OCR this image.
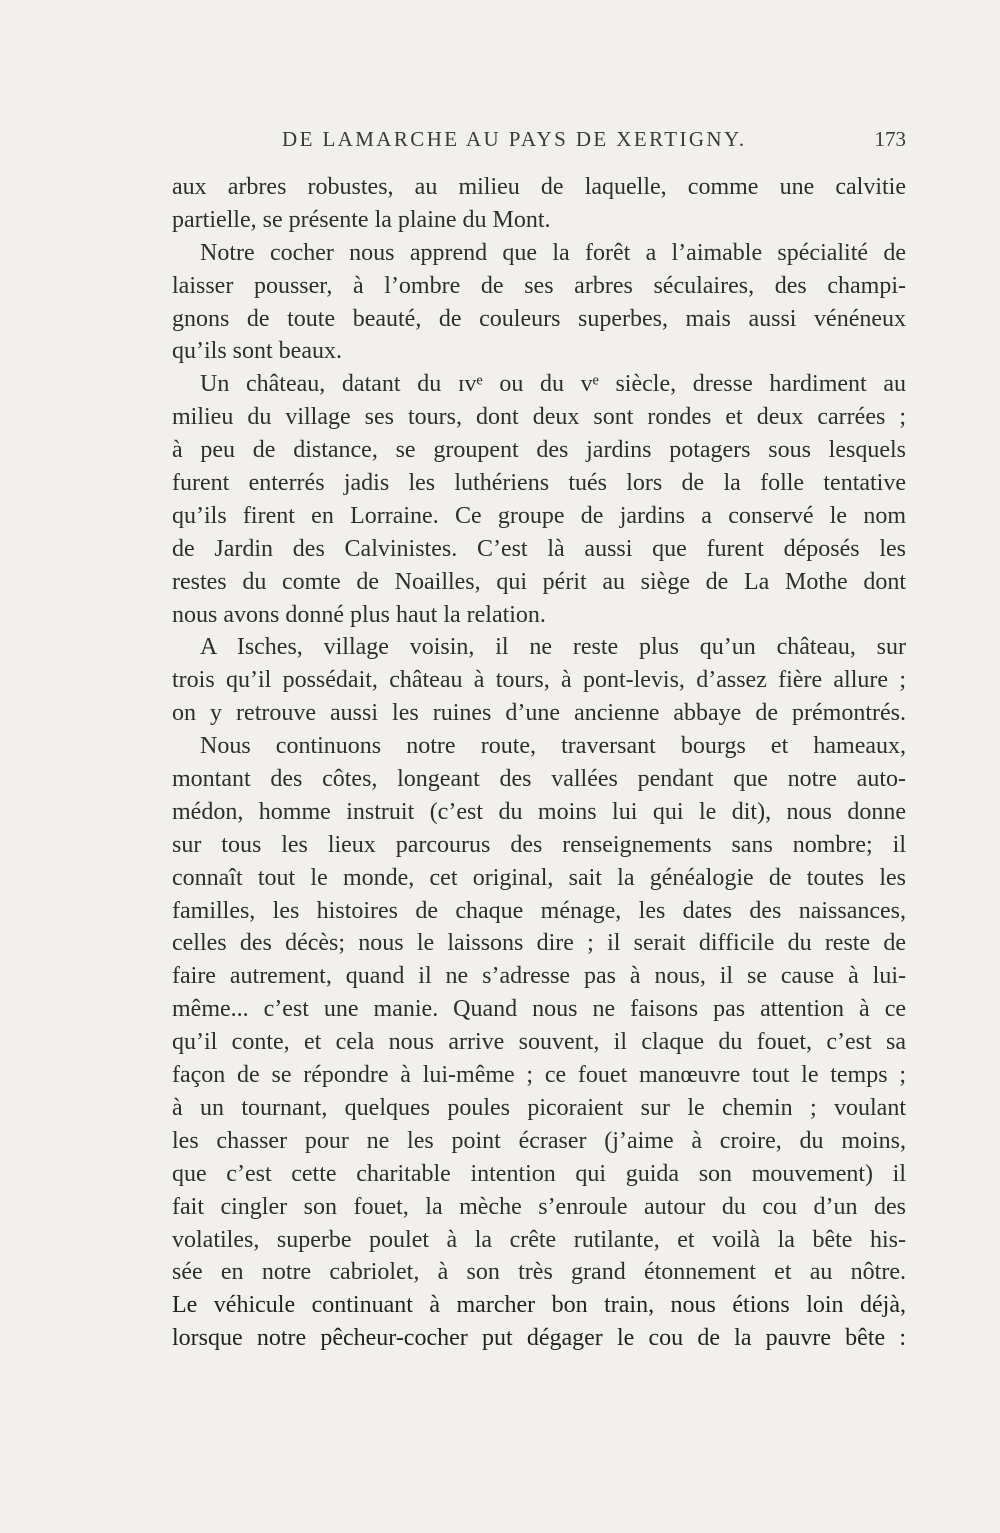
DE LAMARCHE AU PAYS DE XERTIGNY.	173
aux arbres robustes, au milieu de laquelle, comme une calvitie
partielle, se présente la plaine du Mont.
Notre cocher nous apprend que la forêt a l’aimable spécialité de
laisser pousser, à l’ombre de ses arbres séculaires, des champi-
gnons de toute beauté, de couleurs superbes, mais aussi vénéneux
qu’ils sont beaux.
Un château, datant du ɪvᵉ ou du vᵉ siècle, dresse hardiment au
milieu du village ses tours, dont deux sont rondes et deux carrées ;
à peu de distance, se groupent des jardins potagers sous lesquels
furent enterrés jadis les luthériens tués lors de la folle tentative
qu’ils firent en Lorraine. Ce groupe de jardins a conservé le nom
de Jardin des Calvinistes. C’est là aussi que furent déposés les
restes du comte de Noailles, qui périt au siège de La Mothe dont
nous avons donné plus haut la relation.
A Isches, village voisin, il ne reste plus qu’un château, sur
trois qu’il possédait, château à tours, à pont-levis, d’assez fière allure ;
on y retrouve aussi les ruines d’une ancienne abbaye de prémontrés.
Nous continuons notre route, traversant bourgs et hameaux,
montant des côtes, longeant des vallées pendant que notre auto-
médon, homme instruit (c’est du moins lui qui le dit), nous donne
sur tous les lieux parcourus des renseignements sans nombre; il
connaît tout le monde, cet original, sait la généalogie de toutes les
familles, les histoires de chaque ménage, les dates des naissances,
celles des décès; nous le laissons dire ; il serait difficile du reste de
faire autrement, quand il ne s’adresse pas à nous, il se cause à lui-
même... c’est une manie. Quand nous ne faisons pas attention à ce
qu’il conte, et cela nous arrive souvent, il claque du fouet, c’est sa
façon de se répondre à lui-même ; ce fouet manœuvre tout le temps ;
à un tournant, quelques poules picoraient sur le chemin ; voulant
les chasser pour ne les point écraser (j’aime à croire, du moins,
que c’est cette charitable intention qui guida son mouvement) il
fait cingler son fouet, la mèche s’enroule autour du cou d’un des
volatiles, superbe poulet à la crête rutilante, et voilà la bête his-
sée en notre cabriolet, à son très grand étonnement et au nôtre.
Le véhicule continuant à marcher bon train, nous étions loin déjà,
lorsque notre pêcheur-cocher put dégager le cou de la pauvre bête :
